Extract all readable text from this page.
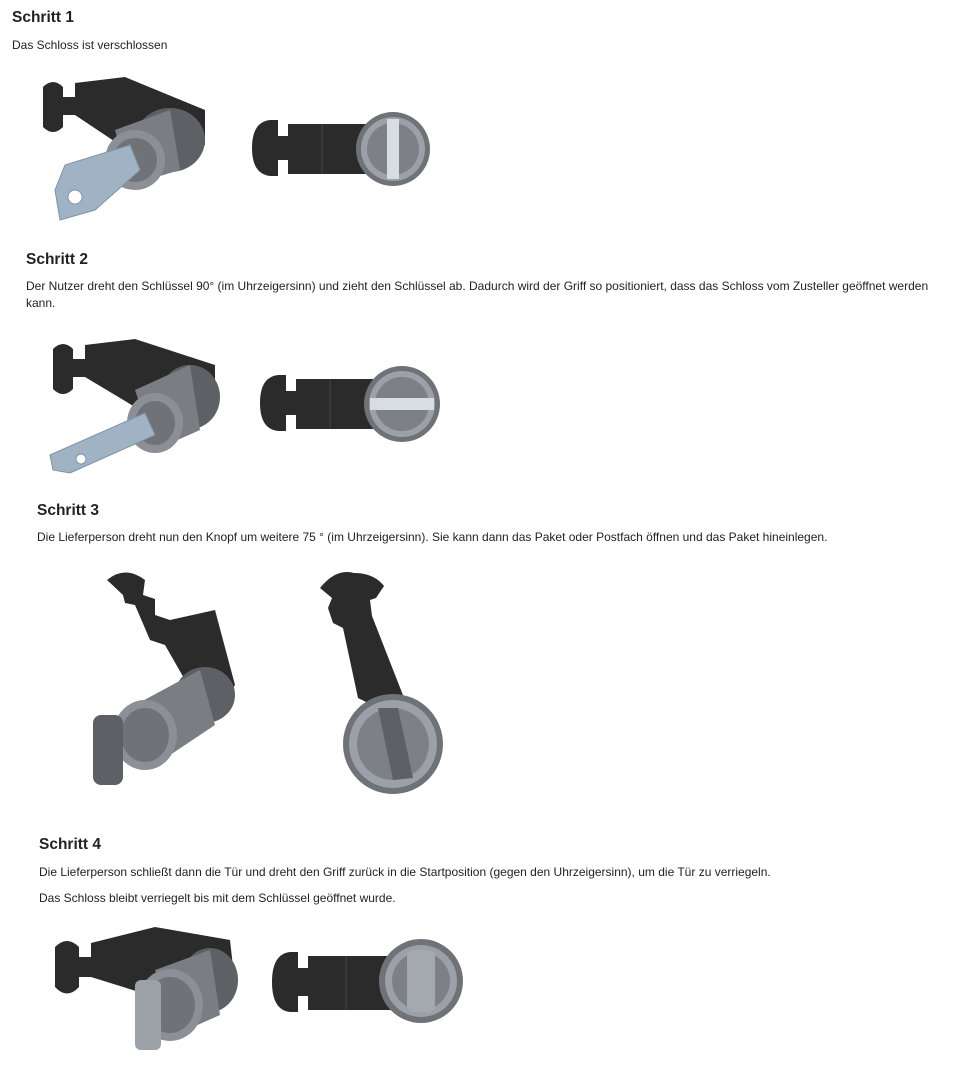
Schritt 1

Das Schloss ist verschlossen

Schritt 2

Der Nutzer dreht den Schlüssel 90° (im Uhrzeigersinn) und zieht den Schlüssel ab. Dadurch wird der Griff so positioniert, dass das Schloss vom Zusteller geöffnet werden kann.

Schritt 3

Die Lieferperson dreht nun den Knopf um weitere 75 ° (im Uhrzeigersinn). Sie kann dann das Paket oder Postfach öffnen und das Paket hineinlegen.

Schritt 4

Die Lieferperson schließt dann die Tür und dreht den Griff zurück in die Startposition (gegen den Uhrzeigersinn), um die Tür zu verriegeln.

Das Schloss bleibt verriegelt bis mit dem Schlüssel geöffnet wurde.
